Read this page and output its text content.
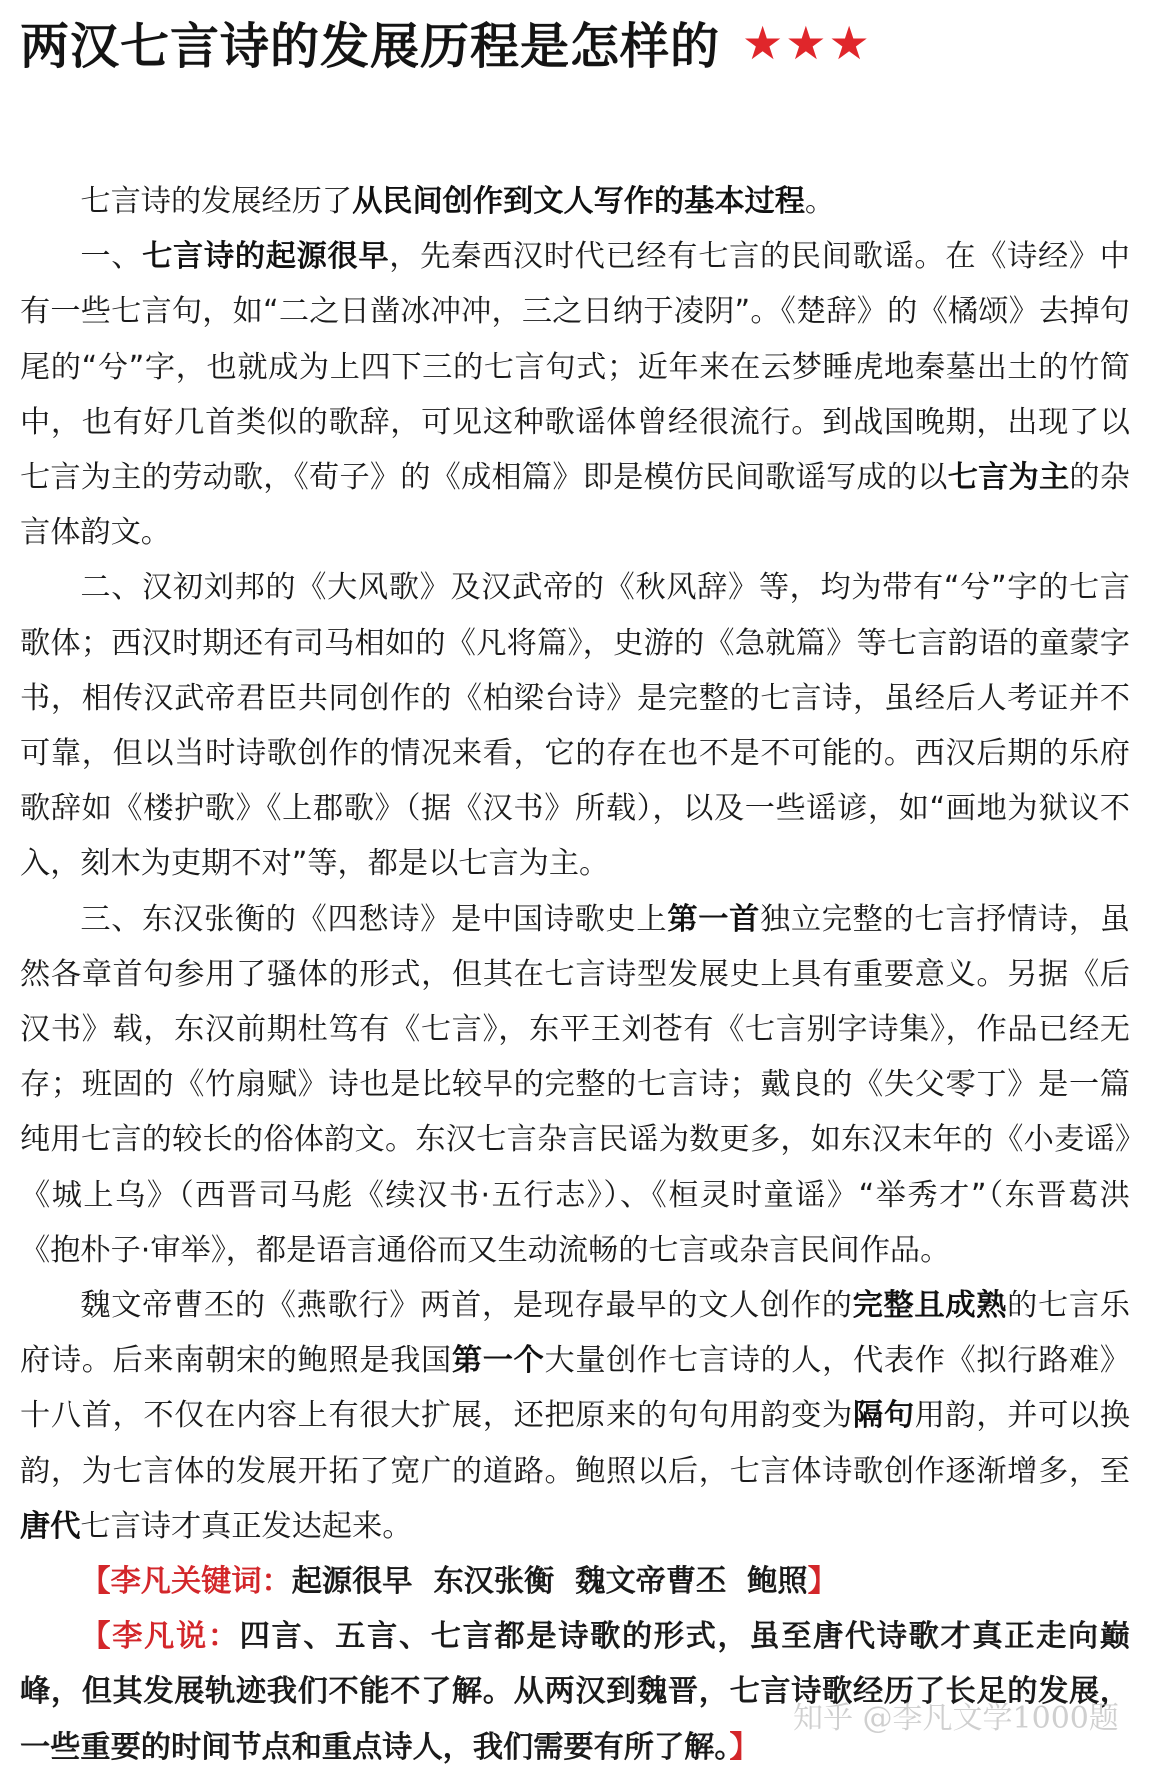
两汉七言诗的发展历程是怎样的 ★★★

七言诗的发展经历了从民间创作到文人写作的基本过程。

一、七言诗的起源很早，先秦西汉时代已经有七言的民间歌谣。在《诗经》中有一些七言句，如“二之日凿冰冲冲，三之日纳于凌阴”。《楚辞》的《橘颂》去掉句尾的“兮”字，也就成为上四下三的七言句式；近年来在云梦睡虎地秦墓出土的竹简中，也有好几首类似的歌辞，可见这种歌谣体曾经很流行。到战国晚期，出现了以七言为主的劳动歌，《荀子》的《成相篇》即是模仿民间歌谣写成的以七言为主的杂言体韵文。

二、汉初刘邦的《大风歌》及汉武帝的《秋风辞》等，均为带有“兮”字的七言歌体；西汉时期还有司马相如的《凡将篇》，史游的《急就篇》等七言韵语的童蒙字书，相传汉武帝君臣共同创作的《柏梁台诗》是完整的七言诗，虽经后人考证并不可靠，但以当时诗歌创作的情况来看，它的存在也不是不可能的。西汉后期的乐府歌辞如《楼护歌》《上郡歌》（据《汉书》所载），以及一些谣谚，如“画地为狱议不入，刻木为吏期不对”等，都是以七言为主。

三、东汉张衡的《四愁诗》是中国诗歌史上第一首独立完整的七言抒情诗，虽然各章首句参用了骚体的形式，但其在七言诗型发展史上具有重要意义。另据《后汉书》载，东汉前期杜笃有《七言》，东平王刘苍有《七言别字诗集》，作品已经无存；班固的《竹扇赋》诗也是比较早的完整的七言诗；戴良的《失父零丁》是一篇纯用七言的较长的俗体韵文。东汉七言杂言民谣为数更多，如东汉末年的《小麦谣》《城上乌》（西晋司马彪《续汉书·五行志》）、《桓灵时童谣》“举秀才”（东晋葛洪《抱朴子·审举》，都是语言通俗而又生动流畅的七言或杂言民间作品。

魏文帝曹丕的《燕歌行》两首，是现存最早的文人创作的完整且成熟的七言乐府诗。后来南朝宋的鲍照是我国第一个大量创作七言诗的人，代表作《拟行路难》十八首，不仅在内容上有很大扩展，还把原来的句句用韵变为隔句用韵，并可以换韵，为七言体的发展开拓了宽广的道路。鲍照以后，七言体诗歌创作逐渐增多，至唐代七言诗才真正发达起来。

【李凡关键词：起源很早  东汉张衡  魏文帝曹丕  鲍照】

【李凡说：四言、五言、七言都是诗歌的形式，虽至唐代诗歌才真正走向巅峰，但其发展轨迹我们不能不了解。从两汉到魏晋，七言诗歌经历了长足的发展，一些重要的时间节点和重点诗人，我们需要有所了解。】

知乎 @李凡文学1000题
